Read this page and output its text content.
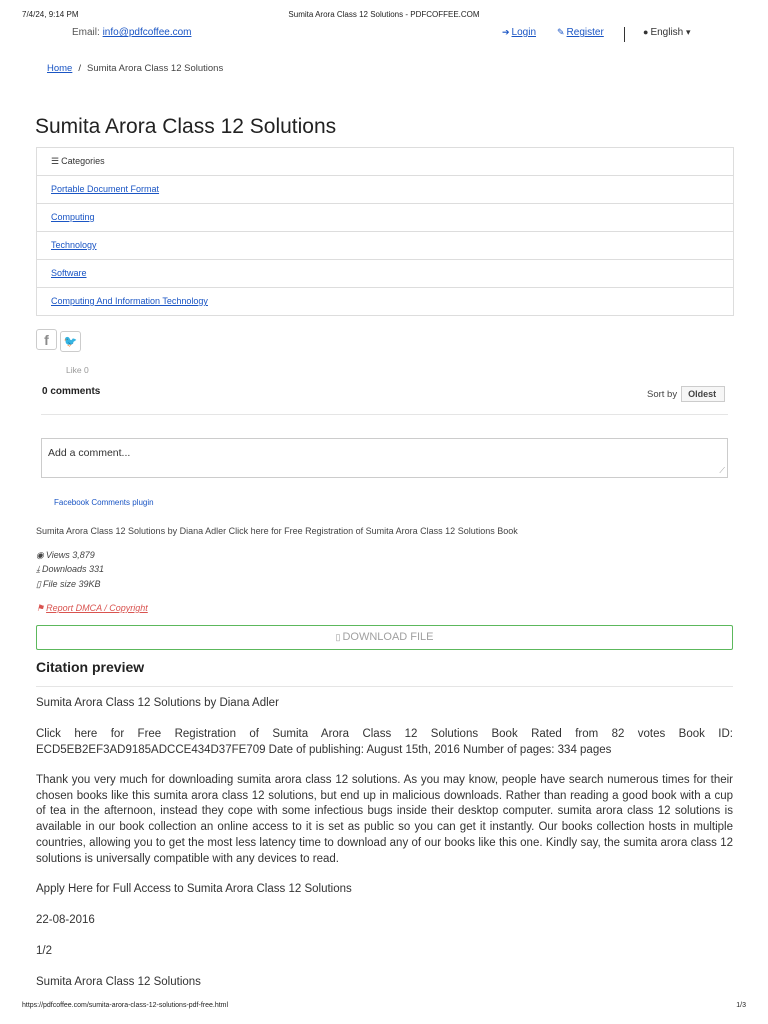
7/4/24, 9:14 PM	Sumita Arora Class 12 Solutions - PDFCOFFEE.COM
Email: info@pdfcoffee.com	➔ Login ✎ Register	● English ▾
Home / Sumita Arora Class 12 Solutions
Sumita Arora Class 12 Solutions
☰ Categories
Portable Document Format
Computing
Technology
Software
Computing And Information Technology
f 🐦
Like 0
0 comments	Sort by Oldest
Add a comment...
⟋
Facebook Comments plugin
Sumita Arora Class 12 Solutions by Diana Adler Click here for Free Registration of Sumita Arora Class 12 Solutions Book
◉ Views 3,879
⤓ Downloads 331
▯ File size 39KB
⚑ Report DMCA / Copyright
▯ DOWNLOAD FILE
Citation preview

Sumita Arora Class 12 Solutions by Diana Adler

Click here for Free Registration of Sumita Arora Class 12 Solutions Book Rated from 82 votes Book ID: ECD5EB2EF3AD9185ADCCE434D37FE709 Date of publishing: August 15th, 2016 Number of pages: 334 pages

Thank you very much for downloading sumita arora class 12 solutions. As you may know, people have search numerous times for their chosen books like this sumita arora class 12 solutions, but end up in malicious downloads. Rather than reading a good book with a cup of tea in the afternoon, instead they cope with some infectious bugs inside their desktop computer. sumita arora class 12 solutions is available in our book collection an online access to it is set as public so you can get it instantly. Our books collection hosts in multiple countries, allowing you to get the most less latency time to download any of our books like this one. Kindly say, the sumita arora class 12 solutions is universally compatible with any devices to read.

Apply Here for Full Access to Sumita Arora Class 12 Solutions

22-08-2016

1/2

Sumita Arora Class 12 Solutions

https://pdfcoffee.com/sumita-arora-class-12-solutions-pdf-free.html	1/3
